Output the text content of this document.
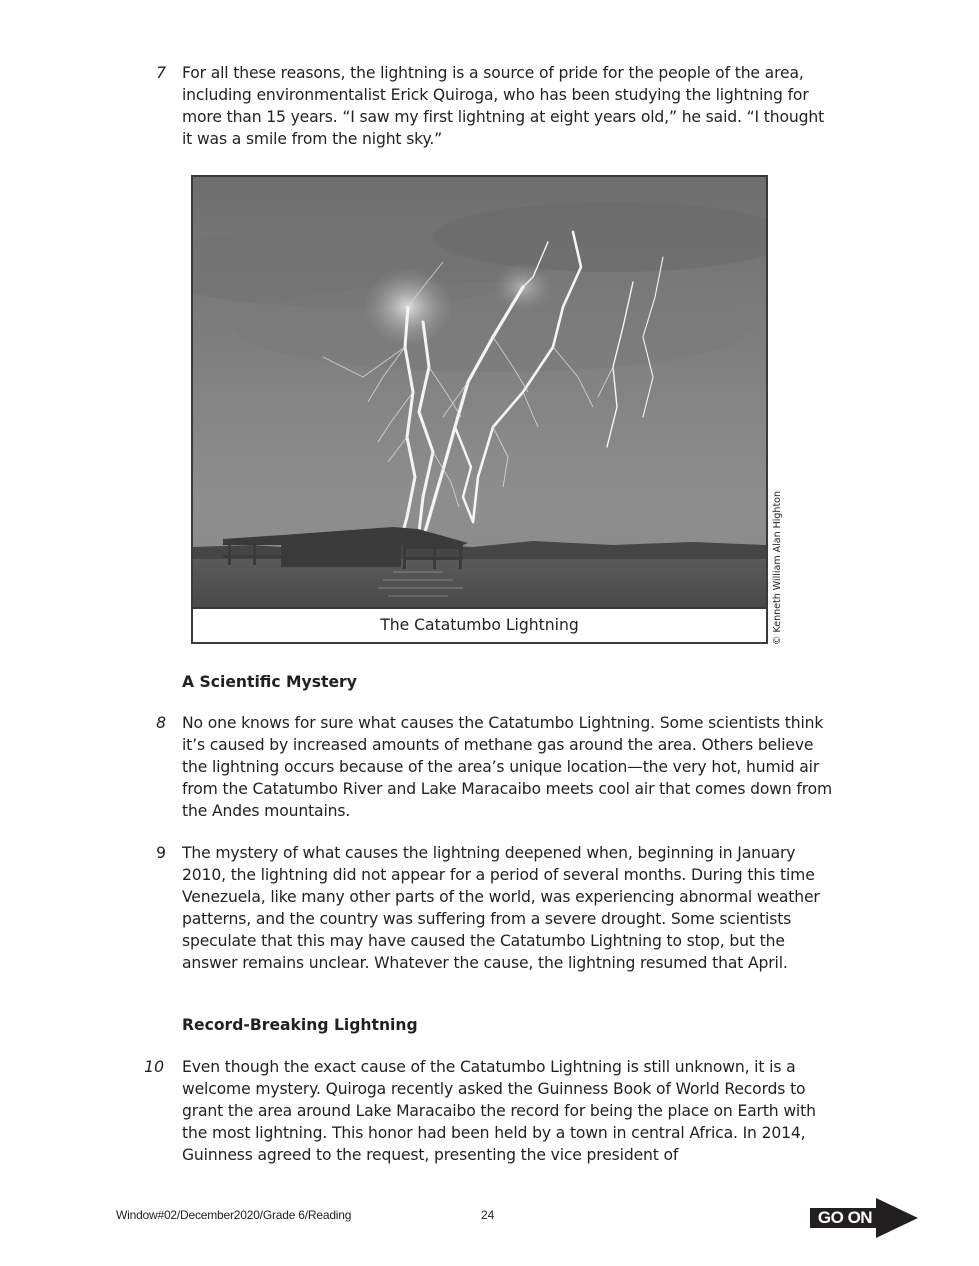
7 For all these reasons, the lightning is a source of pride for the people of the area, including environmentalist Erick Quiroga, who has been studying the lightning for more than 15 years. “I saw my first lightning at eight years old,” he said. “I thought it was a smile from the night sky.”
The Catatumbo Lightning	© Kenneth William Alan Highton
A Scientific Mystery
8 No one knows for sure what causes the Catatumbo Lightning. Some scientists think it’s caused by increased amounts of methane gas around the area. Others believe the lightning occurs because of the area’s unique location—the very hot, humid air from the Catatumbo River and Lake Maracaibo meets cool air that comes down from the Andes mountains.
9 The mystery of what causes the lightning deepened when, beginning in January 2010, the lightning did not appear for a period of several months. During this time Venezuela, like many other parts of the world, was experiencing abnormal weather patterns, and the country was suffering from a severe drought. Some scientists speculate that this may have caused the Catatumbo Lightning to stop, but the answer remains unclear. Whatever the cause, the lightning resumed that April.
Record-Breaking Lightning
10 Even though the exact cause of the Catatumbo Lightning is still unknown, it is a welcome mystery. Quiroga recently asked the Guinness Book of World Records to grant the area around Lake Maracaibo the record for being the place on Earth with the most lightning. This honor had been held by a town in central Africa. In 2014, Guinness agreed to the request, presenting the vice president of
Window#02/December2020/Grade 6/Reading	24	GO ON
